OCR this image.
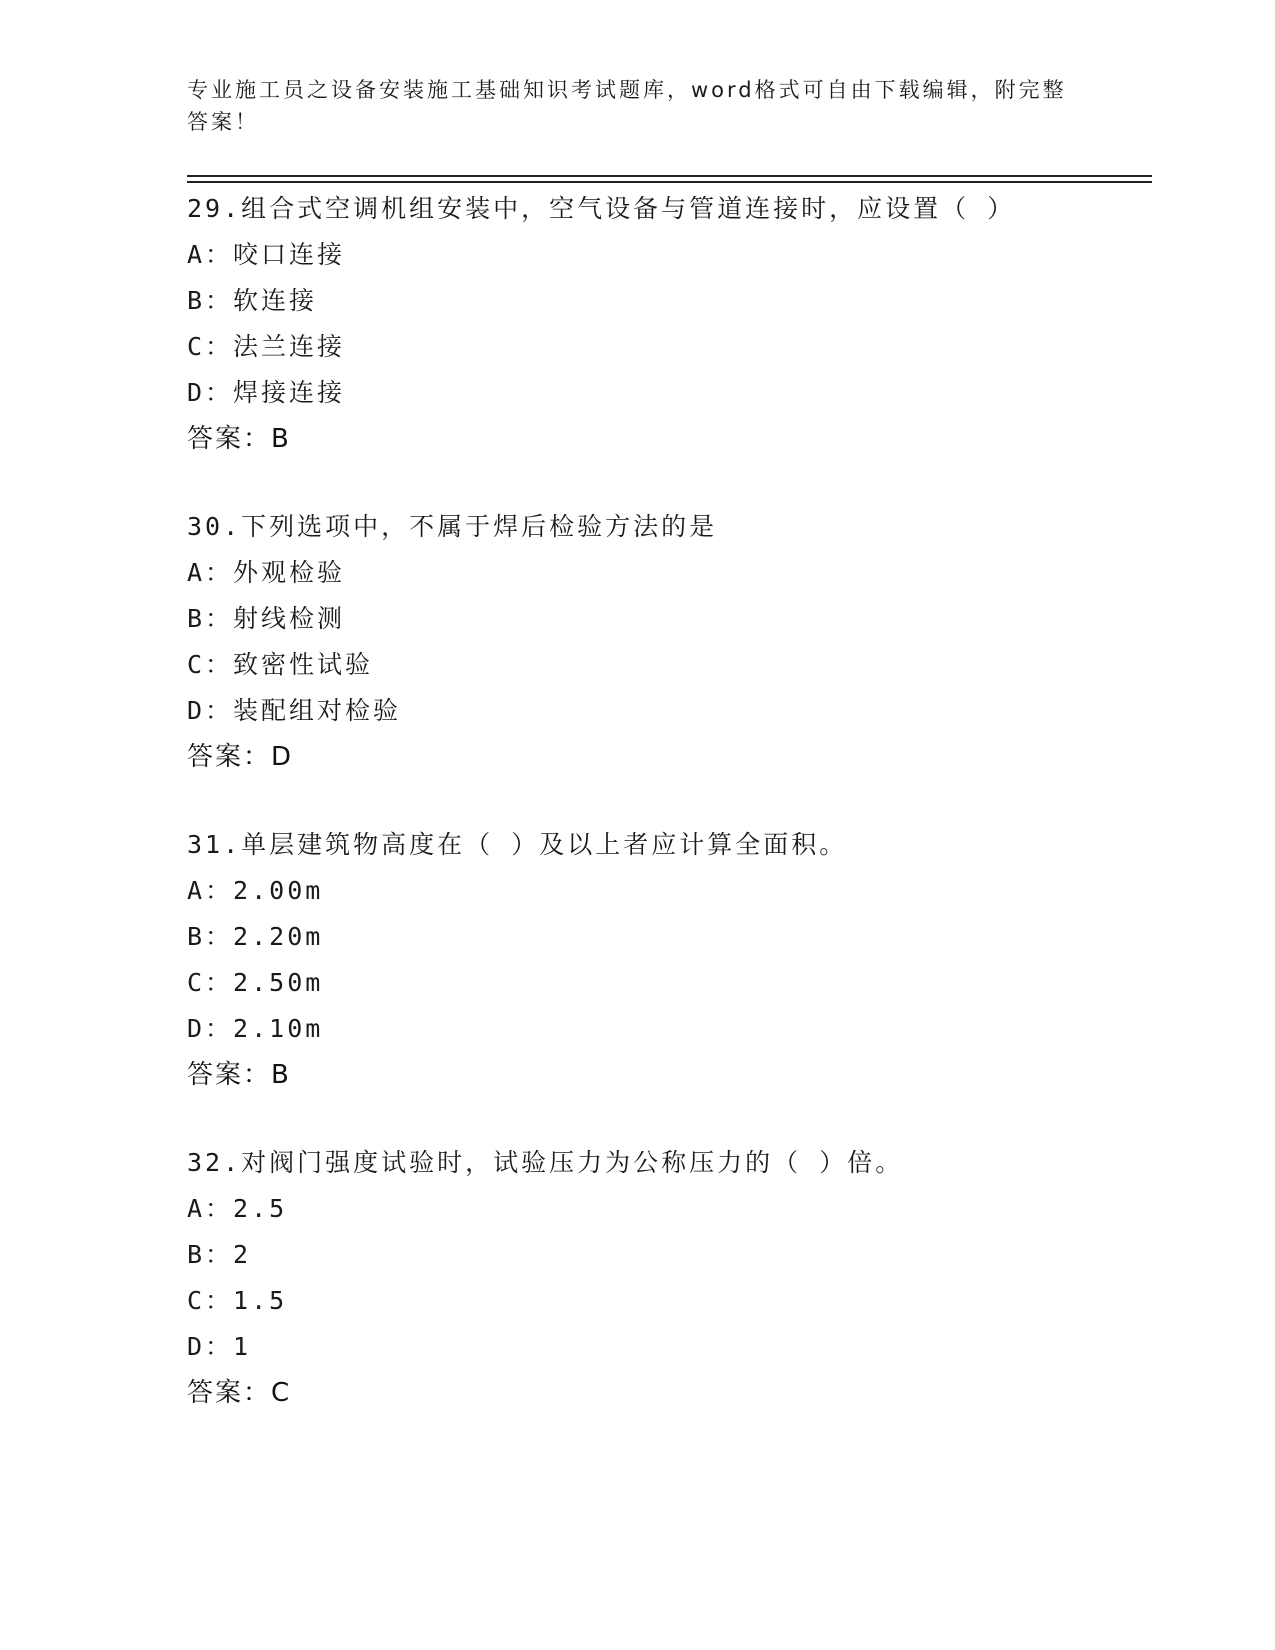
专业施工员之设备安装施工基础知识考试题库，word格式可自由下载编辑，附完整答案！
29.组合式空调机组安装中，空气设备与管道连接时，应设置（ ）
A：咬口连接
B：软连接
C：法兰连接
D：焊接连接
答案：B
30.下列选项中，不属于焊后检验方法的是
A：外观检验
B：射线检测
C：致密性试验
D：装配组对检验
答案：D
31.单层建筑物高度在（ ）及以上者应计算全面积。
A：2.00m
B：2.20m
C：2.50m
D：2.10m
答案：B
32.对阀门强度试验时，试验压力为公称压力的（ ）倍。
A：2.5
B：2
C：1.5
D：1
答案：C
